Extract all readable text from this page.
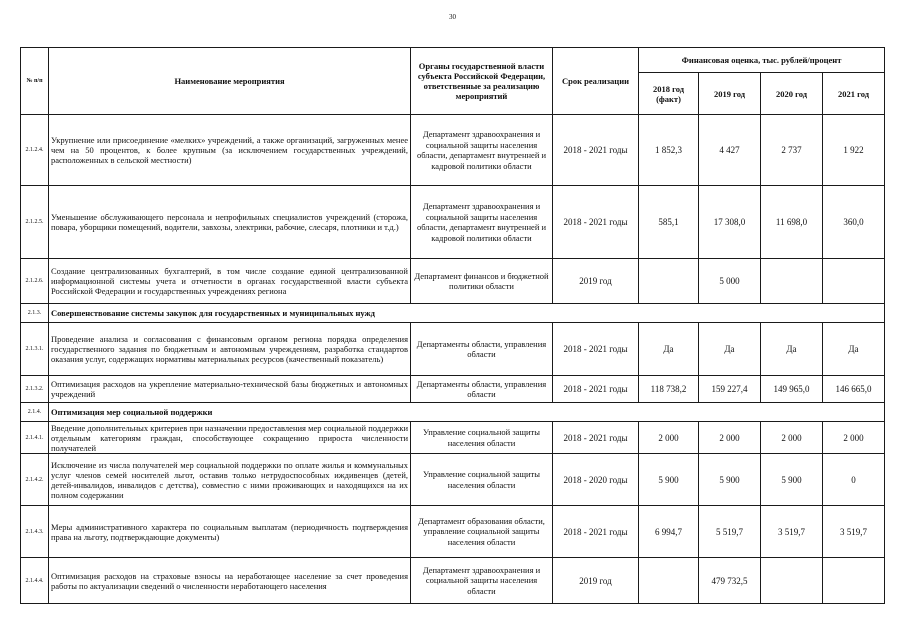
30
№ п/п	Наименование мероприятия	Органы государственной власти субъекта Российской Федерации, ответственные за реализацию мероприятий	Срок реализации	Финансовая оценка, тыс. рублей/процент			
				2018 год (факт)	2019 год	2020 год	2021 год
2.1.2.4.	Укрупнение или присоединение «мелких» учреждений, а также организаций, загруженных менее чем на 50 процентов, к более крупным (за исключением государственных учреждений, расположенных в сельской местности)	Департамент здравоохранения и социальной защиты населения области, департамент внутренней и кадровой политики области	2018 - 2021 годы	1 852,3	4 427	2 737	1 922
2.1.2.5.	Уменьшение обслуживающего персонала и непрофильных специалистов учреждений (сторожа, повара, уборщики помещений, водители, завхозы, электрики, рабочие, слесаря, плотники и т.д.)	Департамент здравоохранения и социальной защиты населения области, департамент внутренней и кадровой политики области	2018 - 2021 годы	585,1	17 308,0	11 698,0	360,0
2.1.2.6.	Создание централизованных бухгалтерий, в том числе создание единой централизованной информационной системы учета и отчетности в органах государственной власти субъекта Российской Федерации и государственных учреждениях региона	Департамент финансов и бюджетной политики области	2019 год		5 000		
2.1.3.	Совершенствование системы закупок для государственных и муниципальных нужд						
2.1.3.1.	Проведение анализа и согласования с финансовым органом региона порядка определения государственного задания по бюджетным и автономным учреждениям, разработка стандартов оказания услуг, содержащих нормативы материальных ресурсов (качественный показатель)	Департаменты области, управления области	2018 - 2021 годы	Да	Да	Да	Да
2.1.3.2.	Оптимизация расходов на укрепление материально-технической базы бюджетных и автономных учреждений	Департаменты области, управления области	2018 - 2021 годы	118 738,2	159 227,4	149 965,0	146 665,0
2.1.4.	Оптимизация мер социальной поддержки						
2.1.4.1.	Введение дополнительных критериев при назначении предоставления мер социальной поддержки отдельным категориям граждан, способствующее сокращению прироста численности получателей	Управление социальной защиты населения области	2018 - 2021 годы	2 000	2 000	2 000	2 000
2.1.4.2.	Исключение из числа получателей мер социальной поддержки по оплате жилья и коммунальных услуг членов семей носителей льгот, оставив только нетрудоспособных иждивенцев (детей, детей-инвалидов, инвалидов с детства), совместно с ними проживающих и находящихся на их полном содержании	Управление социальной защиты населения области	2018 - 2020 годы	5 900	5 900	5 900	0
2.1.4.3.	Меры административного характера по социальным выплатам (периодичность подтверждения права на льготу, подтверждающие документы)	Департамент образования области, управление социальной защиты населения области	2018 - 2021 годы	6 994,7	5 519,7	3 519,7	3 519,7
2.1.4.4.	Оптимизация расходов на страховые взносы на неработающее население за счет проведения работы по актуализации сведений о численности неработающего населения	Департамент здравоохранения и социальной защиты населения области	2019 год		479 732,5		
